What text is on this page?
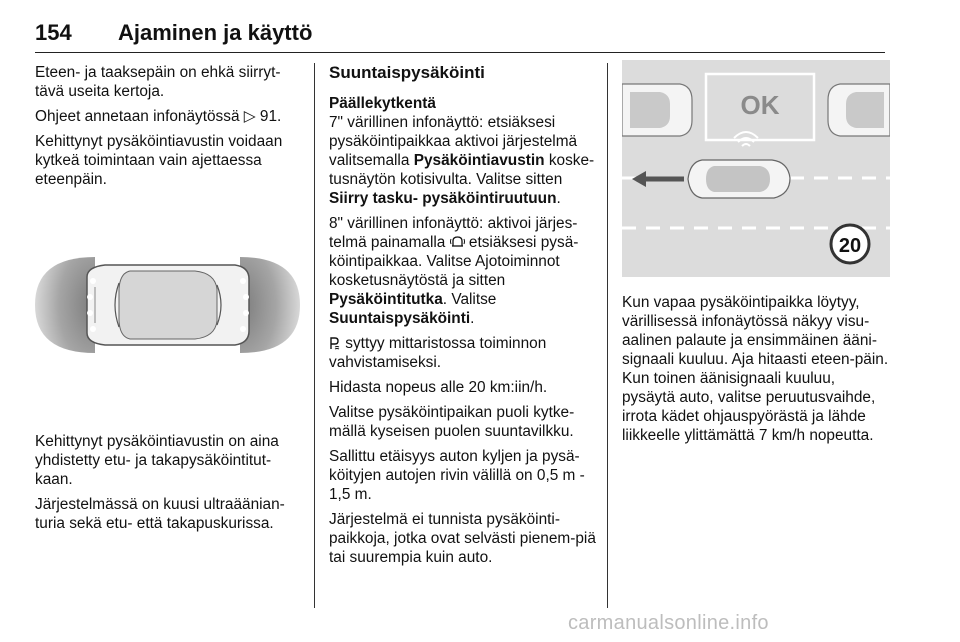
154 Ajaminen ja käyttö

Eteen- ja taaksepäin on ehkä siirryt-tävä useita kertoja.

Ohjeet annetaan infonäytössä ▷ 91.

Kehittynyt pysäköintiavustin voidaan kytkeä toimintaan vain ajettaessa eteenpäin.

Kehittynyt pysäköintiavustin on aina yhdistetty etu- ja takapysäköintitut-kaan.

Järjestelmässä on kuusi ultraäänian-turia sekä etu- että takapuskurissa.

Suuntaispysäköinti

Päällekytkentä

7" värillinen infonäyttö: etsiäksesi pysäköintipaikkaa aktivoi järjestelmä valitsemalla Pysäköintiavustin koske-tusnäytön kotisivulta. Valitse sitten Siirry tasku- pysäköintiruutuun.

8" värillinen infonäyttö: aktivoi järjes-telmä painamalla  etsiäksesi pysä-köintipaikkaa. Valitse Ajotoiminnot kosketusnäytöstä ja sitten Pysäköintitutka. Valitse Suuntaispysäköinti.

syttyy mittaristossa toiminnon vahvistamiseksi.

Hidasta nopeus alle 20 km:iin/h.

Valitse pysäköintipaikan puoli kytke-mällä kyseisen puolen suuntavilkku.

Sallittu etäisyys auton kyljen ja pysä-köityjen autojen rivin välillä on 0,5 m - 1,5 m.

Järjestelmä ei tunnista pysäköinti-paikkoja, jotka ovat selvästi pienem-piä tai suurempia kuin auto.

OK
20

Kun vapaa pysäköintipaikka löytyy, värillisessä infonäytössä näkyy visu-aalinen palaute ja ensimmäinen ääni-signaali kuuluu. Aja hitaasti eteen-päin. Kun toinen äänisignaali kuuluu, pysäytä auto, valitse peruutusvaihde, irrota kädet ohjauspyörästä ja lähde liikkeelle ylittämättä 7 km/h nopeutta.

carmanualsonline.info
